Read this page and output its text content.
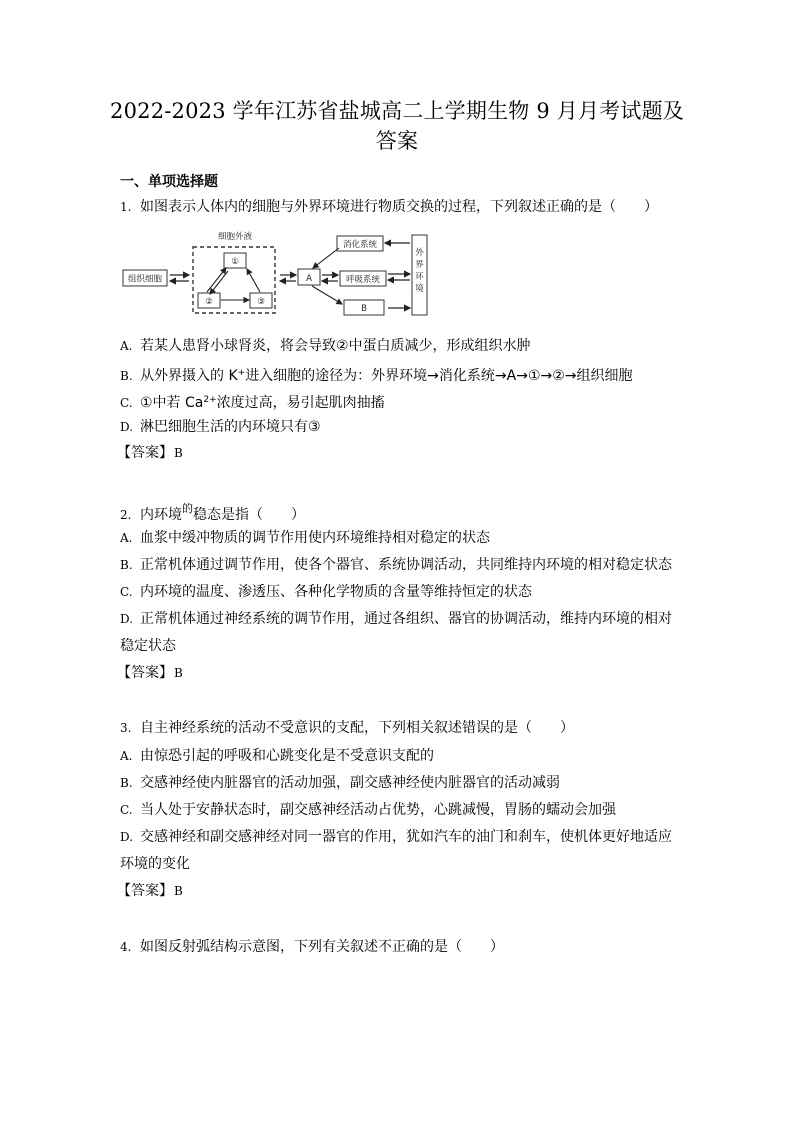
2022-2023 学年江苏省盐城高二上学期生物 9 月月考试题及
答案
一、单项选择题
1. 如图表示人体内的细胞与外界环境进行物质交换的过程，下列叙述正确的是（　　）
组织细胞
细胞外液
①
②	③
A
消化系统
呼吸系统
B
外
界
环
境
A. 若某人患肾小球肾炎，将会导致②中蛋白质减少，形成组织水肿
B. 从外界摄入的 K+进入细胞的途径为：外界环境→消化系统→A→①→②→组织细胞
C. ①中若 $Ca^{2+}$浓度过高，易引起肌肉抽搐
D. 淋巴细胞生活的内环境只有③
【答案】B
2. 内环境$^的$稳态是指（　　）
A. 血浆中缓冲物质的调节作用使内环境维持相对稳定的状态
B. 正常机体通过调节作用，使各个器官、系统协调活动，共同维持内环境的相对稳定状态
C. 内环境的温度、渗透压、各种化学物质的含量等维持恒定的状态
D. 正常机体通过神经系统的调节作用，通过各组织、器官的协调活动，维持内环境的相对
稳定状态
【答案】B
3. 自主神经系统的活动不受意识的支配，下列相关叙述错误的是（　　）
A. 由惊恐引起的呼吸和心跳变化是不受意识支配的
B. 交感神经使内脏器官的活动加强，副交感神经使内脏器官的活动减弱
C. 当人处于安静状态时，副交感神经活动占优势，心跳减慢，胃肠的蠕动会加强
D. 交感神经和副交感神经对同一器官的作用，犹如汽车的油门和刹车，使机体更好地适应
环境的变化
【答案】B
4. 如图反射弧结构示意图，下列有关叙述不正确的是（　　）
